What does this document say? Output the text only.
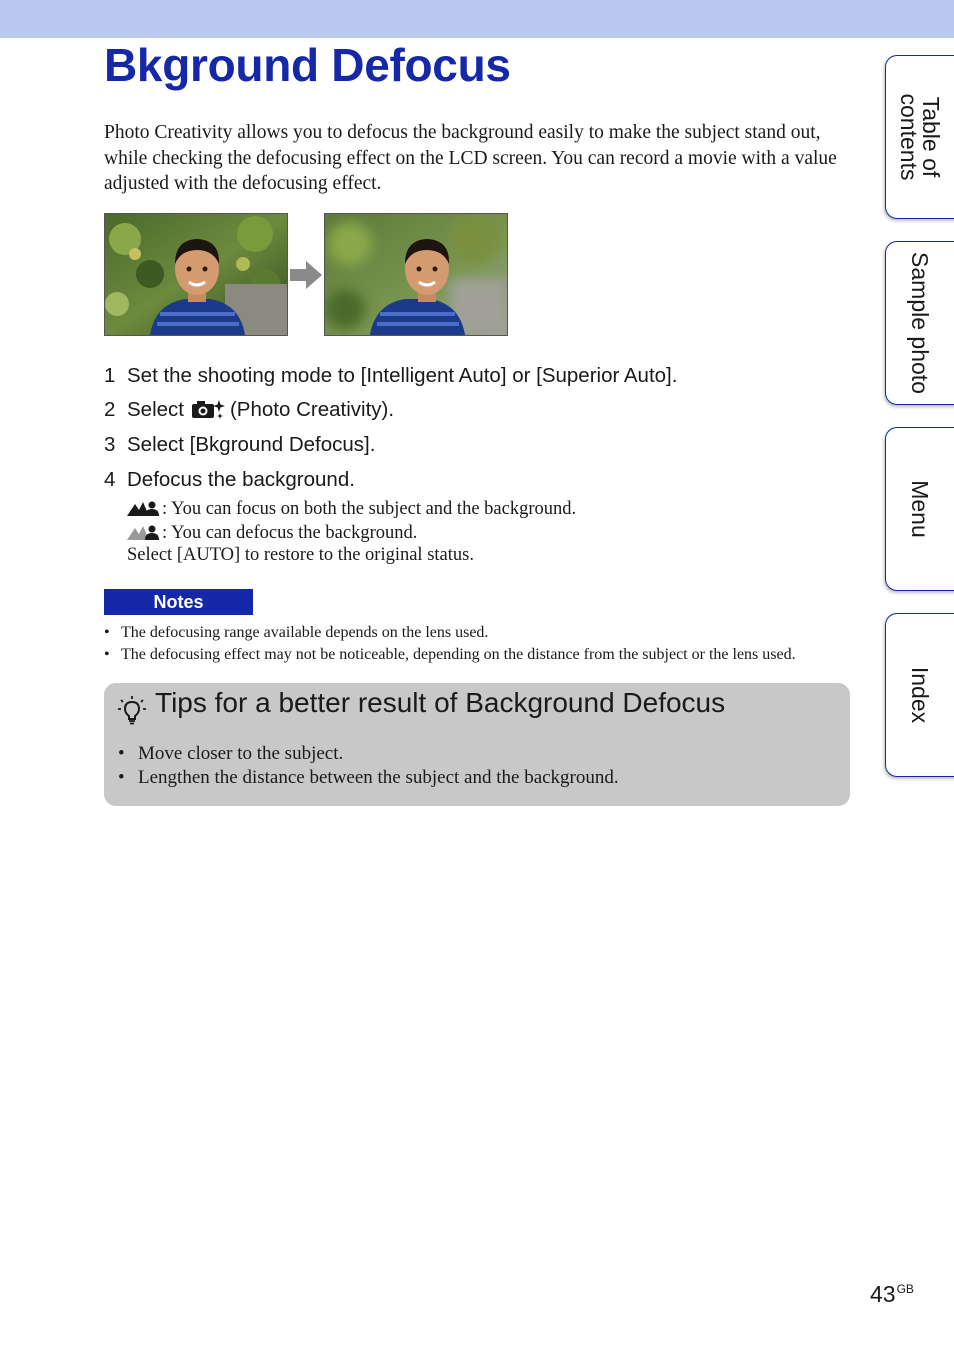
Bkground Defocus

Photo Creativity allows you to defocus the background easily to make the subject stand out, while checking the defocusing effect on the LCD screen. You can record a movie with a value adjusted with the defocusing effect.

1 Set the shooting mode to [Intelligent Auto] or [Superior Auto].
2 Select (Photo Creativity).
3 Select [Bkground Defocus].
4 Defocus the background.
: You can focus on both the subject and the background.
: You can defocus the background.
Select [AUTO] to restore to the original status.
Notes
• The defocusing range available depends on the lens used.
• The defocusing effect may not be noticeable, depending on the distance from the subject or the lens used.
Tips for a better result of Background Defocus
• Move closer to the subject.
• Lengthen the distance between the subject and the background.
Table of contents
Sample photo
Menu
Index
$43^{GB}$
